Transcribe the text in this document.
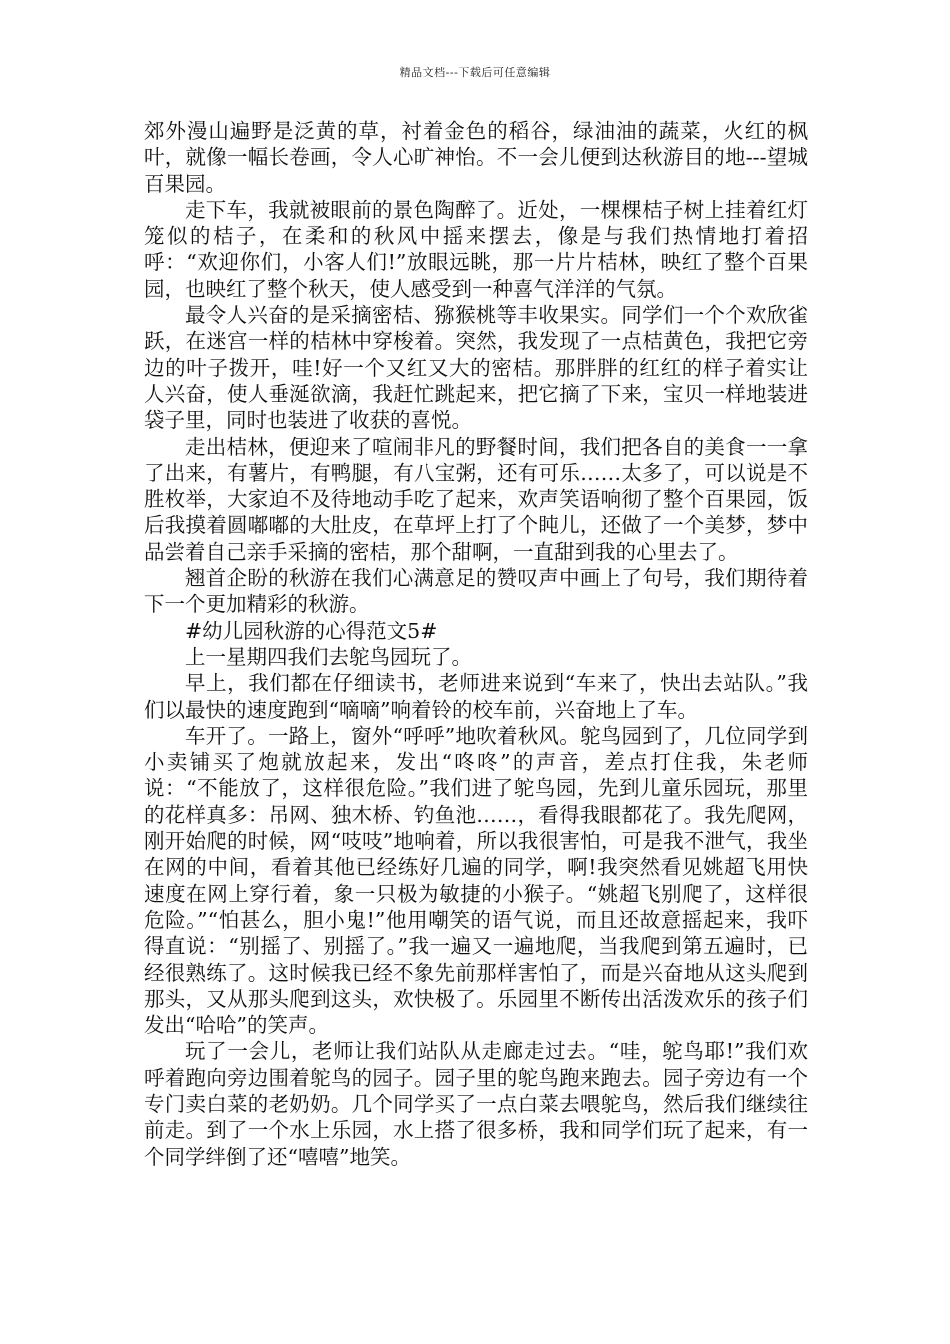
精品文档---下载后可任意编辑

郊外漫山遍野是泛黄的草，衬着金色的稻谷，绿油油的蔬菜，火红的枫叶，就像一幅长卷画，令人心旷神怡。不一会儿便到达秋游目的地---望城百果园。

走下车，我就被眼前的景色陶醉了。近处，一棵棵桔子树上挂着红灯笼似的桔子，在柔和的秋风中摇来摆去，像是与我们热情地打着招呼：“欢迎你们，小客人们!”放眼远眺，那一片片桔林，映红了整个百果园，也映红了整个秋天，使人感受到一种喜气洋洋的气氛。

最令人兴奋的是采摘密桔、猕猴桃等丰收果实。同学们一个个欢欣雀跃，在迷宫一样的桔林中穿梭着。突然，我发现了一点桔黄色，我把它旁边的叶子拨开，哇!好一个又红又大的密桔。那胖胖的红红的样子着实让人兴奋，使人垂涎欲滴，我赶忙跳起来，把它摘了下来，宝贝一样地装进袋子里，同时也装进了收获的喜悦。

走出桔林，便迎来了喧闹非凡的野餐时间，我们把各自的美食一一拿了出来，有薯片，有鸭腿，有八宝粥，还有可乐……太多了，可以说是不胜枚举，大家迫不及待地动手吃了起来，欢声笑语响彻了整个百果园，饭后我摸着圆嘟嘟的大肚皮，在草坪上打了个盹儿，还做了一个美梦，梦中品尝着自己亲手采摘的密桔，那个甜啊，一直甜到我的心里去了。

翘首企盼的秋游在我们心满意足的赞叹声中画上了句号，我们期待着下一个更加精彩的秋游。

#幼儿园秋游的心得范文5#

上一星期四我们去鸵鸟园玩了。

早上，我们都在仔细读书，老师进来说到“车来了，快出去站队。”我们以最快的速度跑到“嘀嘀”响着铃的校车前，兴奋地上了车。

车开了。一路上，窗外“呼呼”地吹着秋风。鸵鸟园到了，几位同学到小卖铺买了炮就放起来，发出“咚咚”的声音，差点打住我，朱老师说：“不能放了，这样很危险。”我们进了鸵鸟园，先到儿童乐园玩，那里的花样真多：吊网、独木桥、钓鱼池……，看得我眼都花了。我先爬网，刚开始爬的时候，网“吱吱”地响着，所以我很害怕，可是我不泄气，我坐在网的中间，看着其他已经练好几遍的同学，啊!我突然看见姚超飞用快速度在网上穿行着，象一只极为敏捷的小猴子。“姚超飞别爬了，这样很危险。”“怕甚么，胆小鬼!”他用嘲笑的语气说，而且还故意摇起来，我吓得直说：“别摇了、别摇了。”我一遍又一遍地爬，当我爬到第五遍时，已经很熟练了。这时候我已经不象先前那样害怕了，而是兴奋地从这头爬到那头，又从那头爬到这头，欢快极了。乐园里不断传出活泼欢乐的孩子们发出“哈哈”的笑声。

玩了一会儿，老师让我们站队从走廊走过去。“哇，鸵鸟耶!”我们欢呼着跑向旁边围着鸵鸟的园子。园子里的鸵鸟跑来跑去。园子旁边有一个专门卖白菜的老奶奶。几个同学买了一点白菜去喂鸵鸟，然后我们继续往前走。到了一个水上乐园，水上搭了很多桥，我和同学们玩了起来，有一个同学绊倒了还“嘻嘻”地笑。
